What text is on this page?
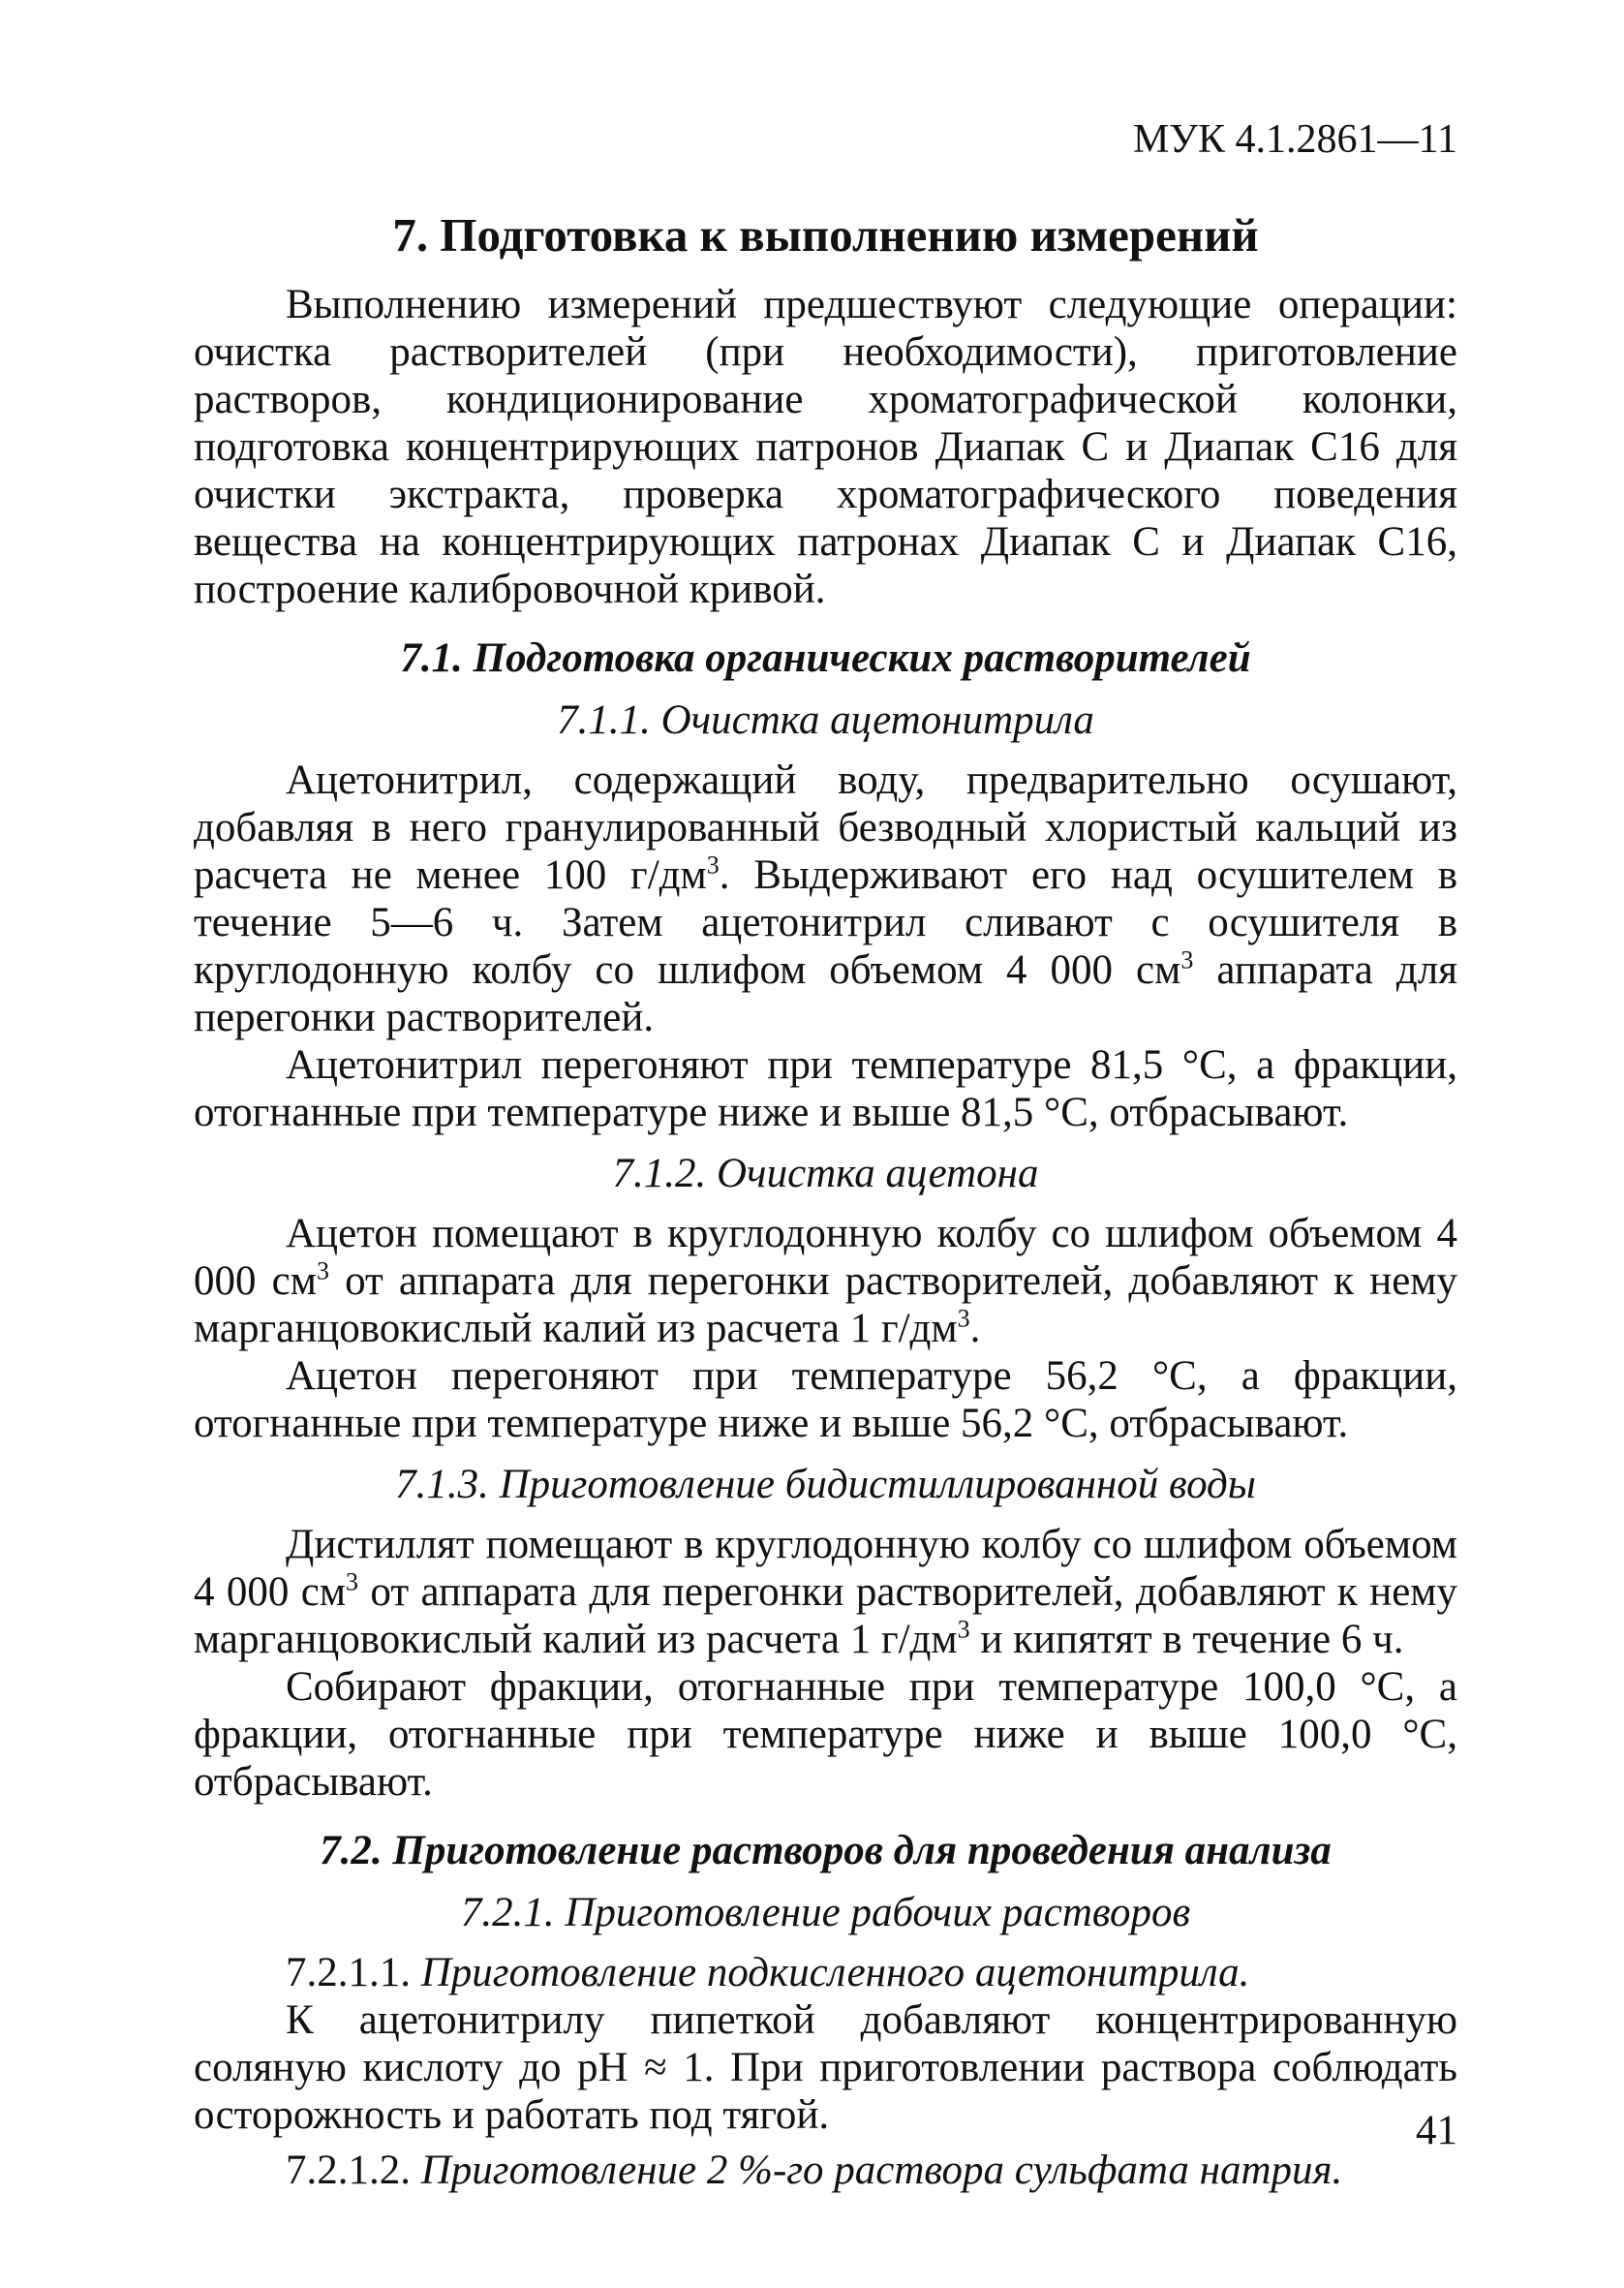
МУК 4.1.2861—11
7. Подготовка к выполнению измерений

Выполнению измерений предшествуют следующие операции: очистка растворителей (при необходимости), приготовление растворов, кондиционирование хроматографической колонки, подготовка концентрирующих патронов Диапак С и Диапак С16 для очистки экстракта, проверка хроматографического поведения вещества на концентрирующих патронах Диапак С и Диапак С16, построение калибровочной кривой.

7.1. Подготовка органических растворителей
7.1.1. Очистка ацетонитрила

Ацетонитрил, содержащий воду, предварительно осушают, добавляя в него гранулированный безводный хлористый кальций из расчета не менее 100 $г/дм^3$. Выдерживают его над осушителем в течение 5—6 ч. Затем ацетонитрил сливают с осушителя в круглодонную колбу со шлифом объемом 4 000 $см^3$ аппарата для перегонки растворителей.

Ацетонитрил перегоняют при температуре 81,5 °С, а фракции, отогнанные при температуре ниже и выше 81,5 °С, отбрасывают.

7.1.2. Очистка ацетона

Ацетон помещают в круглодонную колбу со шлифом объемом 4 000 $см^3$ от аппарата для перегонки растворителей, добавляют к нему марганцовокислый калий из расчета 1 $г/дм^3$.

Ацетон перегоняют при температуре 56,2 °С, а фракции, отогнанные при температуре ниже и выше 56,2 °С, отбрасывают.

7.1.3. Приготовление бидистиллированной воды

Дистиллят помещают в круглодонную колбу со шлифом объемом 4 000 $см^3$ от аппарата для перегонки растворителей, добавляют к нему марганцовокислый калий из расчета 1 $г/дм^3$ и кипятят в течение 6 ч.

Собирают фракции, отогнанные при температуре 100,0 °С, а фракции, отогнанные при температуре ниже и выше 100,0 °С, отбрасывают.

7.2. Приготовление растворов для проведения анализа
7.2.1. Приготовление рабочих растворов

7.2.1.1. Приготовление подкисленного ацетонитрила.

К ацетонитрилу пипеткой добавляют концентрированную соляную кислоту до рН ≈ 1. При приготовлении раствора соблюдать осторожность и работать под тягой.

7.2.1.2. Приготовление 2 %-го раствора сульфата натрия.

41
